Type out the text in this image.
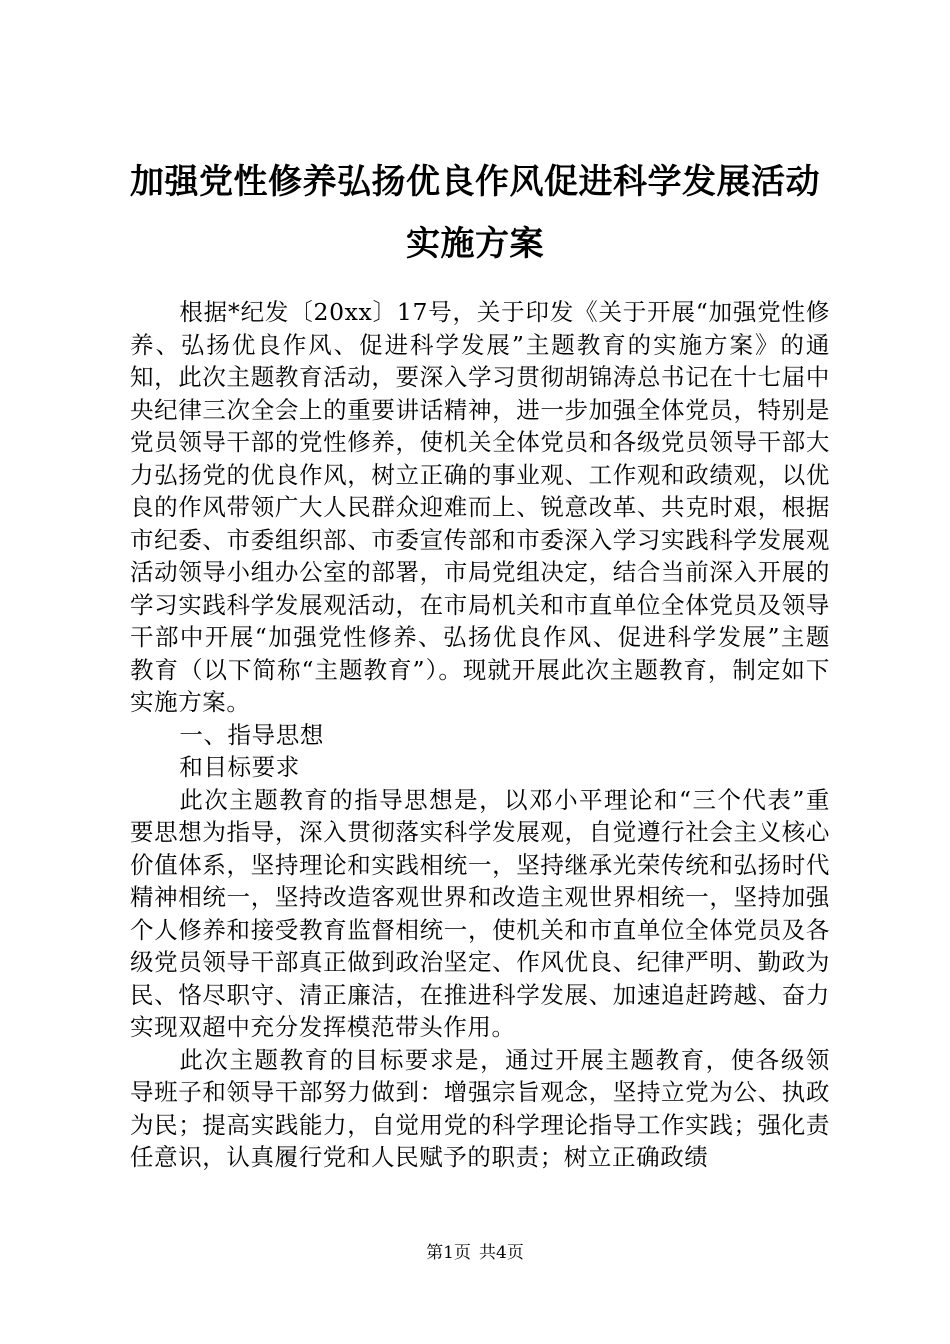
加强党性修养弘扬优良作风促进科学发展活动
实施方案

根据*纪发〔20xx〕17号，关于印发《关于开展“加强党性修养、弘扬优良作风、促进科学发展”主题教育的实施方案》的通知，此次主题教育活动，要深入学习贯彻胡锦涛总书记在十七届中央纪律三次全会上的重要讲话精神，进一步加强全体党员，特别是党员领导干部的党性修养，使机关全体党员和各级党员领导干部大力弘扬党的优良作风，树立正确的事业观、工作观和政绩观，以优良的作风带领广大人民群众迎难而上、锐意改革、共克时艰，根据市纪委、市委组织部、市委宣传部和市委深入学习实践科学发展观活动领导小组办公室的部署，市局党组决定，结合当前深入开展的学习实践科学发展观活动，在市局机关和市直单位全体党员及领导干部中开展“加强党性修养、弘扬优良作风、促进科学发展”主题教育（以下简称“主题教育”）。现就开展此次主题教育，制定如下实施方案。

一、指导思想

和目标要求

此次主题教育的指导思想是，以邓小平理论和“三个代表”重要思想为指导，深入贯彻落实科学发展观，自觉遵行社会主义核心价值体系，坚持理论和实践相统一，坚持继承光荣传统和弘扬时代精神相统一，坚持改造客观世界和改造主观世界相统一，坚持加强个人修养和接受教育监督相统一，使机关和市直单位全体党员及各级党员领导干部真正做到政治坚定、作风优良、纪律严明、勤政为民、恪尽职守、清正廉洁，在推进科学发展、加速追赶跨越、奋力实现双超中充分发挥模范带头作用。

此次主题教育的目标要求是，通过开展主题教育，使各级领导班子和领导干部努力做到：增强宗旨观念，坚持立党为公、执政为民；提高实践能力，自觉用党的科学理论指导工作实践；强化责任意识，认真履行党和人民赋予的职责；树立正确政绩

第1页 共4页
